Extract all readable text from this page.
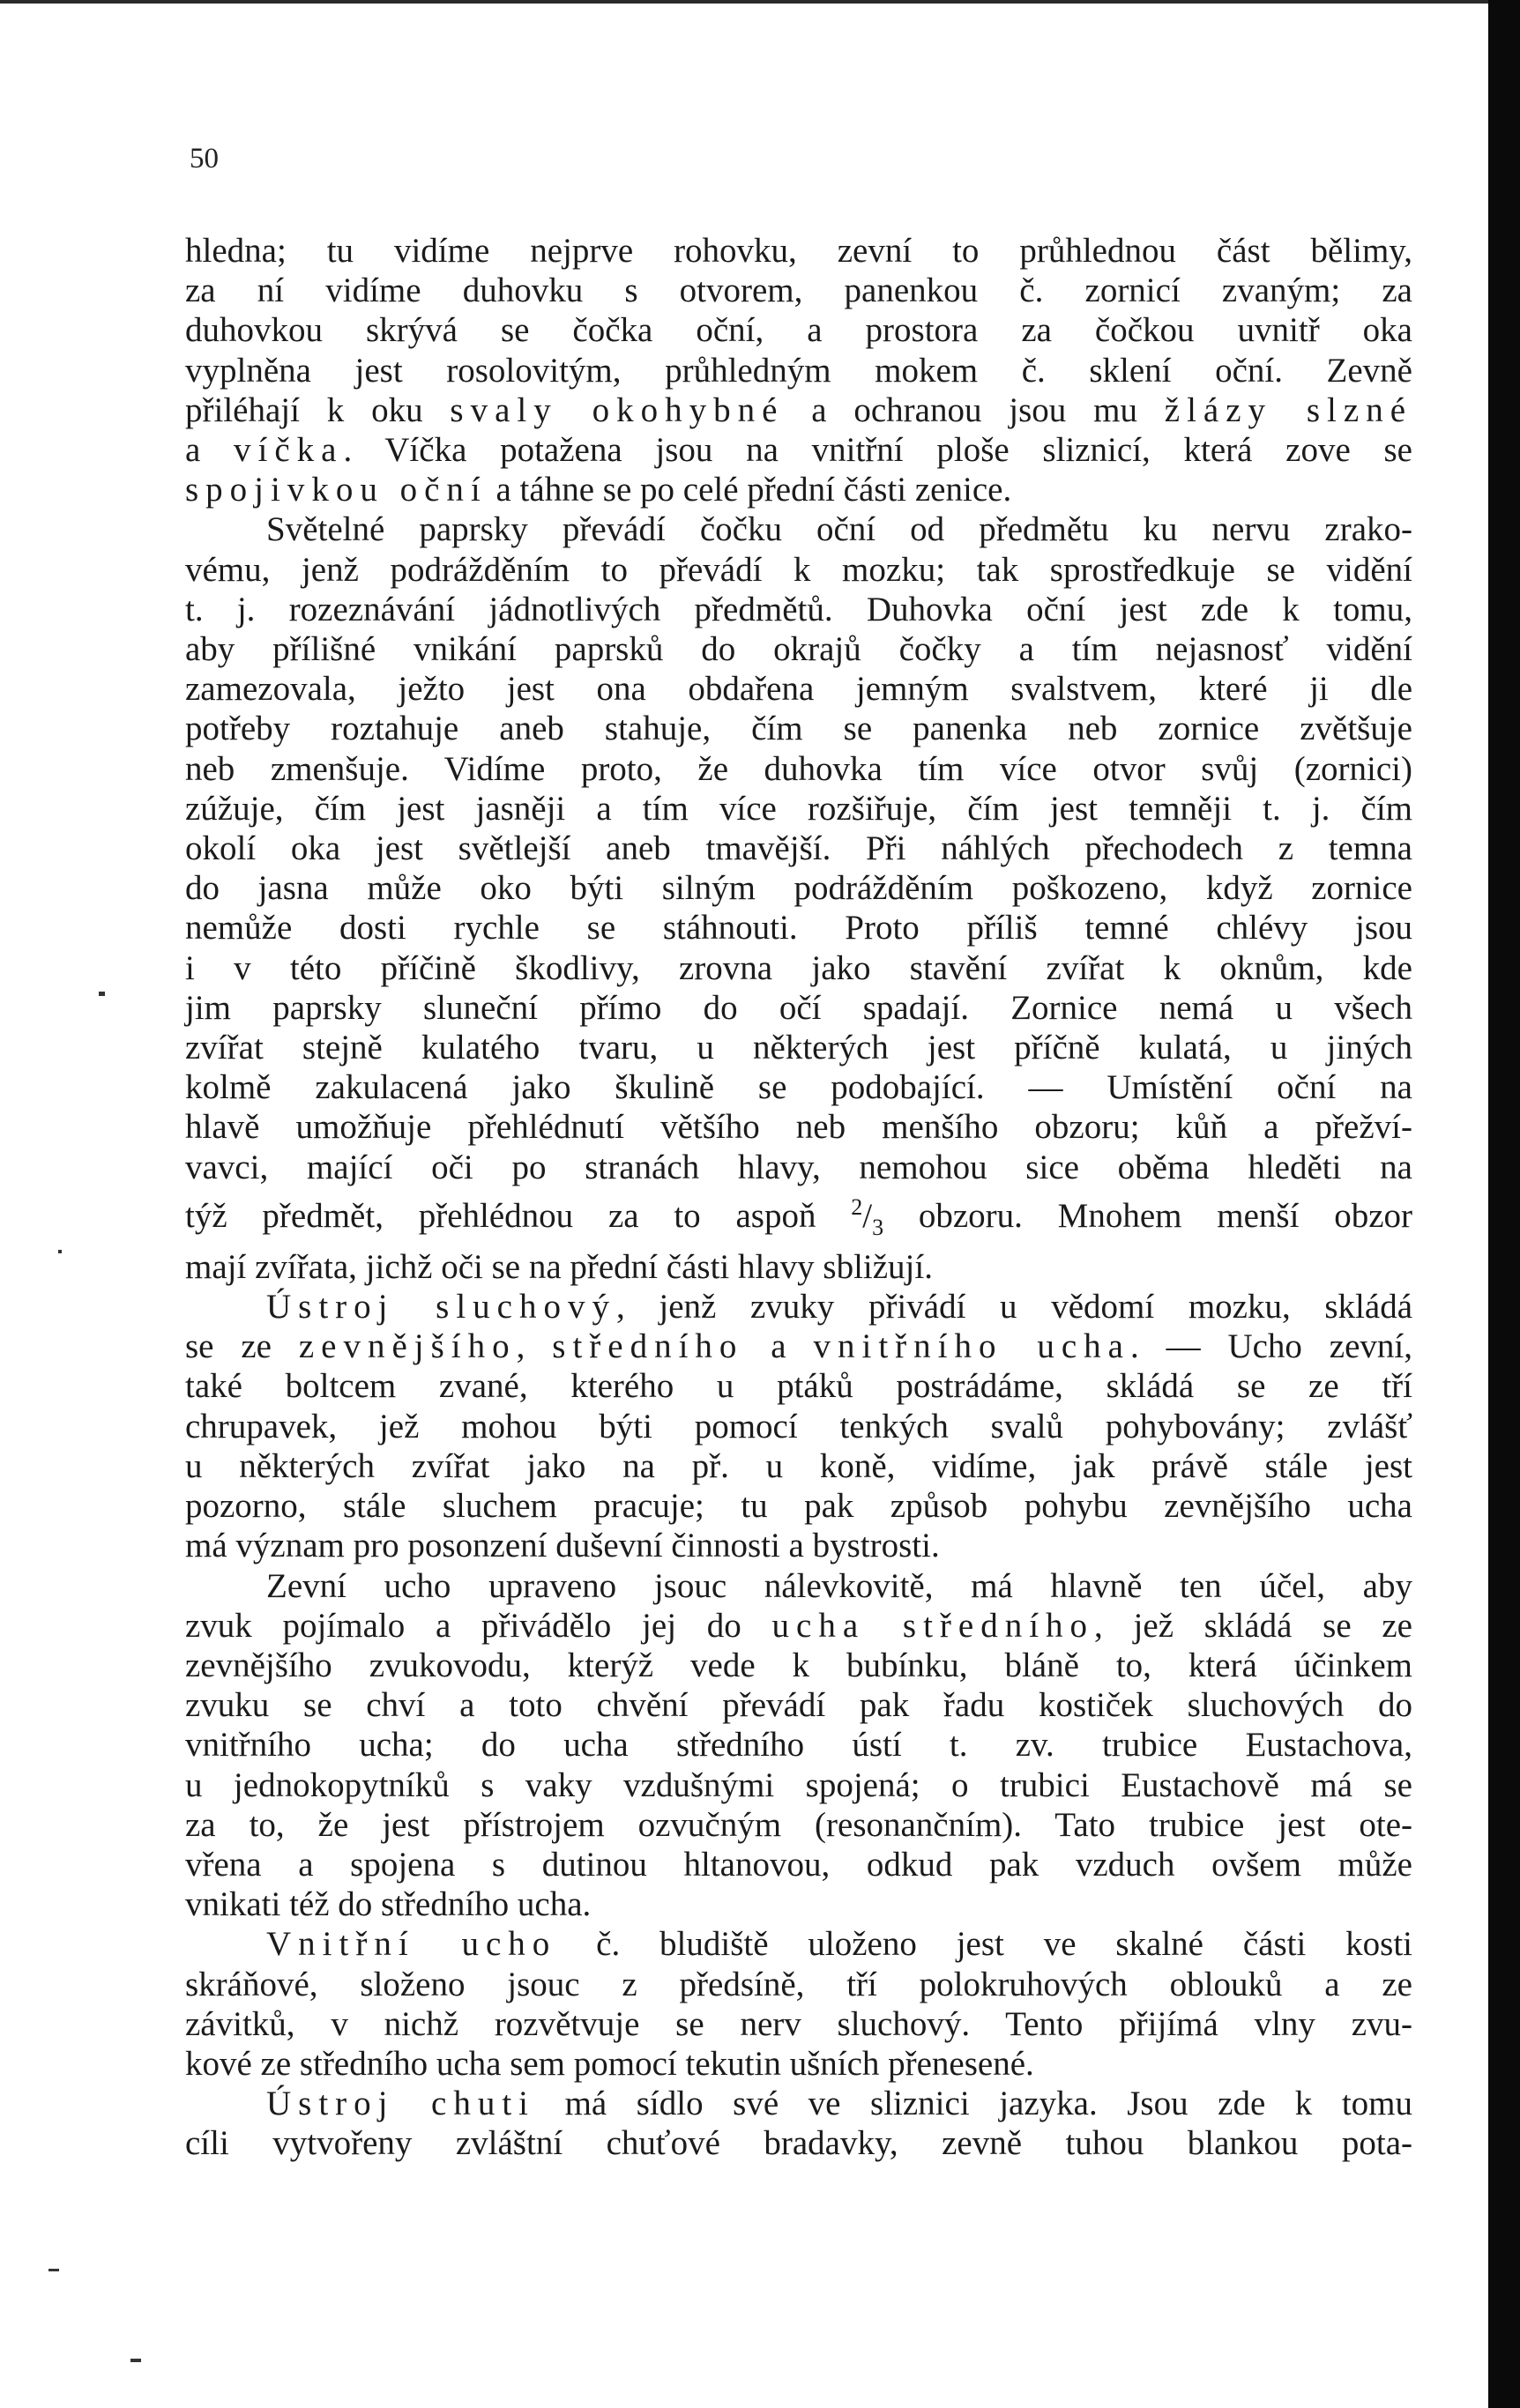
50
hledna; tu vidíme nejprve rohovku, zevní to průhlednou část bělimy,
za ní vidíme duhovku s otvorem, panenkou č. zornicí zvaným; za
duhovkou skrývá se čočka oční, a prostora za čočkou uvnitř oka
vyplněna jest rosolovitým, průhledným mokem č. sklení oční. Zevně
přiléhají k oku svaly okohybné a ochranou jsou mu žlázy slzné
a víčka. Víčka potažena jsou na vnitřní ploše sliznicí, která zove se
spojivkou oční a táhne se po celé přední části zenice.
Světelné paprsky převádí čočku oční od předmětu ku nervu zrako-
vému, jenž podrážděním to převádí k mozku; tak sprostředkuje se vidění
t. j. rozeznávání jádnotlivých předmětů. Duhovka oční jest zde k tomu,
aby přílišné vnikání paprsků do okrajů čočky a tím nejasnosť vidění
zamezovala, ježto jest ona obdařena jemným svalstvem, které ji dle
potřeby roztahuje aneb stahuje, čím se panenka neb zornice zvětšuje
neb zmenšuje. Vidíme proto, že duhovka tím více otvor svůj (zornici)
zúžuje, čím jest jasněji a tím více rozšiřuje, čím jest temněji t. j. čím
okolí oka jest světlejší aneb tmavější. Při náhlých přechodech z temna
do jasna může oko býti silným podrážděním poškozeno, když zornice
nemůže dosti rychle se stáhnouti. Proto příliš temné chlévy jsou
i v této příčině škodlivy, zrovna jako stavění zvířat k oknům, kde
jim paprsky sluneční přímo do očí spadají. Zornice nemá u všech
zvířat stejně kulatého tvaru, u některých jest příčně kulatá, u jiných
kolmě zakulacená jako škulině se podobající. — Umístění oční na
hlavě umožňuje přehlédnutí většího neb menšího obzoru; kůň a přežví-
vavci, mající oči po stranách hlavy, nemohou sice oběma hleděti na
týž předmět, přehlédnou za to aspoň $^2/_3$ obzoru. Mnohem menší obzor
mají zvířata, jichž oči se na přední části hlavy sbližují.
Ústroj sluchový, jenž zvuky přivádí u vědomí mozku, skládá
se ze zevnějšího, středního a vnitřního ucha. — Ucho zevní,
také boltcem zvané, kterého u ptáků postrádáme, skládá se ze tří
chrupavek, jež mohou býti pomocí tenkých svalů pohybovány; zvlášť
u některých zvířat jako na př. u koně, vidíme, jak právě stále jest
pozorno, stále sluchem pracuje; tu pak způsob pohybu zevnějšího ucha
má význam pro posonzení duševní činnosti a bystrosti.
Zevní ucho upraveno jsouc nálevkovitě, má hlavně ten účel, aby
zvuk pojímalo a přivádělo jej do ucha středního, jež skládá se ze
zevnějšího zvukovodu, kterýž vede k bubínku, bláně to, která účinkem
zvuku se chví a toto chvění převádí pak řadu kostiček sluchových do
vnitřního ucha; do ucha středního ústí t. zv. trubice Eustachova,
u jednokopytníků s vaky vzdušnými spojená; o trubici Eustachově má se
za to, že jest přístrojem ozvučným (resonančním). Tato trubice jest ote-
vřena a spojena s dutinou hltanovou, odkud pak vzduch ovšem může
vnikati též do středního ucha.
Vnitřní ucho č. bludiště uloženo jest ve skalné části kosti
skráňové, složeno jsouc z předsíně, tří polokruhových oblouků a ze
závitků, v nichž rozvětvuje se nerv sluchový. Tento přijímá vlny zvu-
kové ze středního ucha sem pomocí tekutin ušních přenesené.
Ústroj chuti má sídlo své ve sliznici jazyka. Jsou zde k tomu
cíli vytvořeny zvláštní chuťové bradavky, zevně tuhou blankou pota-
